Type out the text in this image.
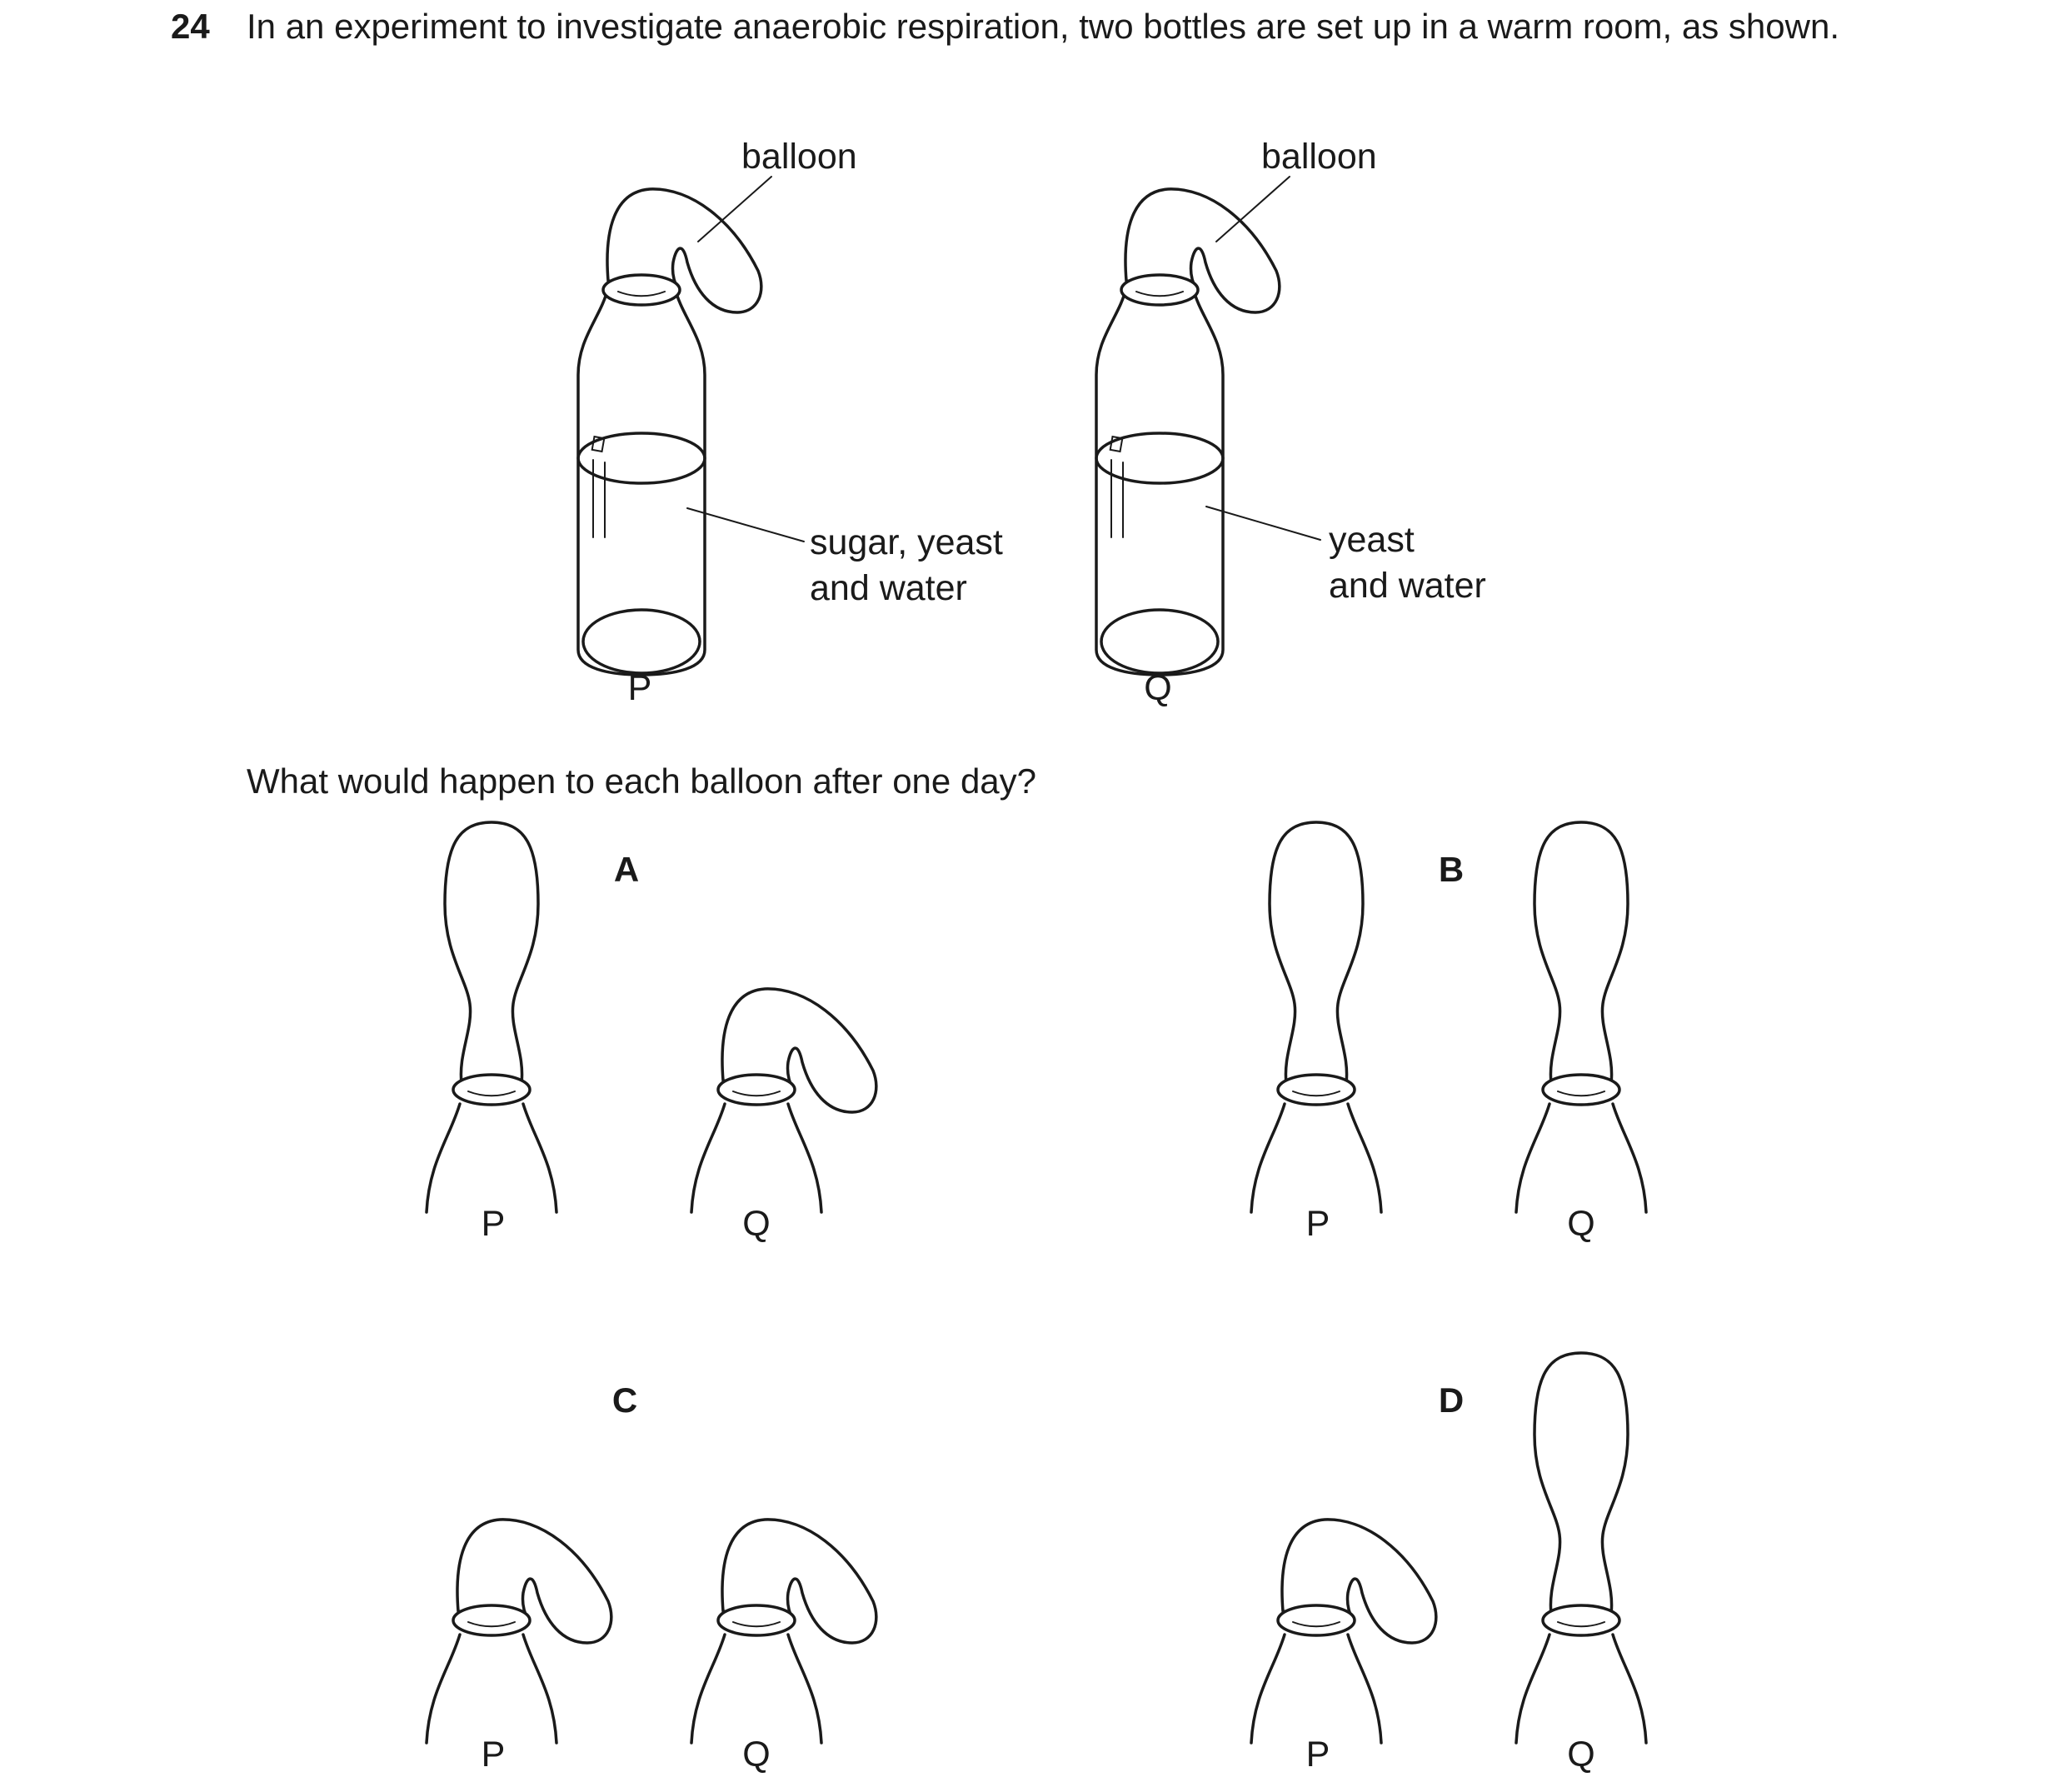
24 In an experiment to investigate anaerobic respiration, two bottles are set up in a warm room, as shown.
What would happen to each balloon after one day?
balloon
sugar, yeast
and water
P
balloon
yeast
and water
Q
A
P	Q
B
P	Q
C
P	Q
D
P	Q
